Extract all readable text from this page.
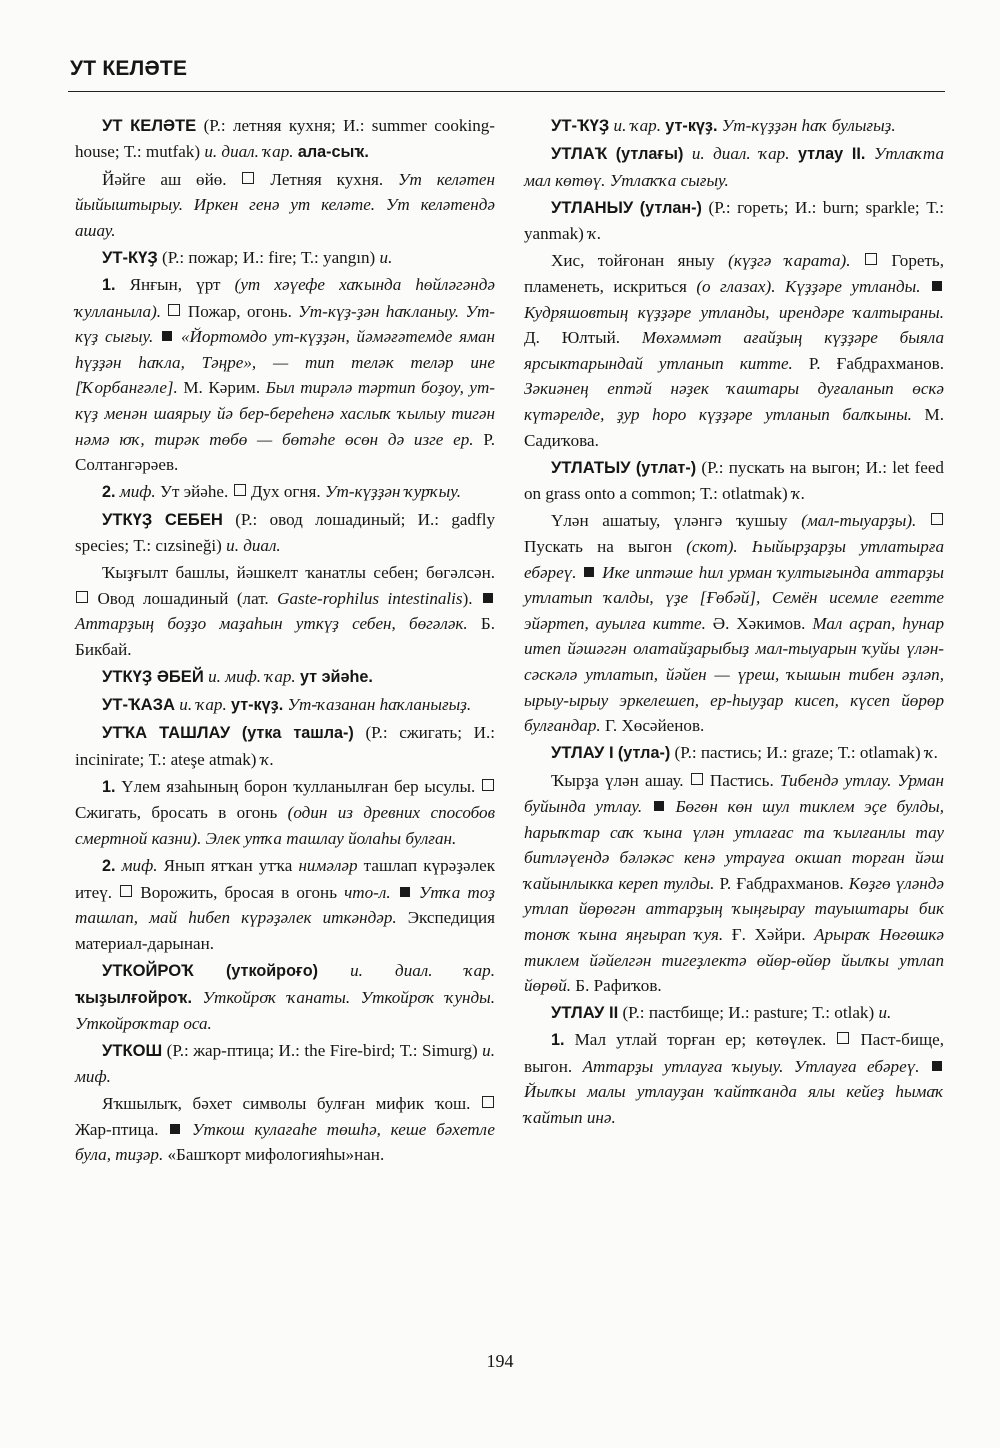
УТ КЕЛӘТЕ

УТ КЕЛӘТЕ (Р.: летняя кухня; И.: summer cooking-house; Т.: mutfak) и. диал. ҡар. ала-сыҡ.

Йәйге аш өйө.  Летняя кухня. Ут келәтен йыйыштырыу. Иркен генә ут келәте. Ут келәтендә ашау.

УТ-КҮҘ (Р.: пожар; И.: fire; Т.: yangın) и.

1. Янғын, үрт (ут хәүефе хаҡында һөйләгәндә ҡулланыла).  Пожар, огонь. Ут-күҙ-ҙән һаҡланыу. Ут-күҙ сығыу. «Йортомдо ут-күҙҙән, йәмәғәтемде яман һүҙҙән һаҡла, Тәңре», — тип теләк теләр ине [Ҡорбанғәле]. М. Кәрим. Был тирәлә тәртип боҙоу, ут-күҙ менән шаярыу йә бер-береһенә хаслыҡ ҡылыу тигән нәмә юҡ, тирәк төбө — бөтәһе өсөн дә изге ер. Р. Солтангәрәев.

2. миф. Ут эйәһе.  Дух огня. Ут-күҙҙән ҡурҡыу.

УТКҮҘ СЕБЕН (Р.: овод лошадиный; И.: gadfly species; Т.: cızsineği) и. диал.

Ҡыҙғылт башлы, йәшкелт ҡанатлы себен; бөгәлсән.  Овод лошадиный (лат. Gaste-rophilus intestinalis).  Аттарҙың боҙҙо маҙаһын уткүҙ себен, бөгәләк. Б. Бикбай.

УТКҮҘ ӘБЕЙ и. миф. ҡар. ут эйәһе.

УТ-ҠАЗА и. ҡар. ут-күҙ. Ут-ҡазанан һаҡланығыҙ.

УТҠА ТАШЛАУ (утка ташла-) (Р.: сжигать; И.: incinirate; Т.: ateşe atmak) ҡ.

1. Үлем язаһының борон ҡулланылған бер ысулы.  Сжигать, бросать в огонь (один из древних способов смертной казни). Элек утҡа ташлау йолаһы булған.

2. миф. Янып ятҡан утҡа нимәләр ташлап күрәҙәлек итеү.  Ворожить, бросая в огонь что-л. Утҡа тоҙ ташлап, май һибеп күрәҙәлек иткәндәр. Экспедиция материал-дарынан.

УТКОЙРОҠ (уткойроғо) и. диал. ҡар. ҡыҙылғойроҡ. Уткойроҡ ҡанаты. Уткойроҡ ҡунды. Уткойроҡтар оса.

УТКОШ (Р.: жар-птица; И.: the Fire-bird; Т.: Simurg) и. миф.

Яҡшылыҡ, бәхет символы булған мифик ҡош.  Жар-птица.  Уткош кулағаһе төшһә, кеше бәхетле була, тиҙәр. «Башҡорт мифологияһы»нан.

УТ-ҠҮҘ и. ҡар. ут-күҙ. Ут-күҙҙән һаҡ булығыҙ.

УТЛАҠ (утлағы) и. диал. ҡар. утлау II. Утлаҡта мал көтөү. Утлаҡҡа сығыу.

УТЛАНЫУ (утлан-) (Р.: гореть; И.: burn; sparkle; Т.: yanmak) ҡ.

Хис, тойғонан яныу (күҙгә ҡарата).  Гореть, пламенеть, искриться (о глазах). Күҙҙәре утланды.  Кудряшовтың күҙҙәре утланды, ирендәре ҡалтыраны. Д. Юлтый. Мөхәммәт ағайҙың күҙҙәре быяла ярсыктарындай утланып китте. Р. Ғабдрахманов. Зәкиәнең ептәй нәҙек ҡаштары дуғаланып өскә күтәрелде, ҙур һоро күҙҙәре утланып балҡыны. М. Садиҡова.

УТЛАТЫУ (утлат-) (Р.: пускать на выгон; И.: let feed on grass onto a common; Т.: otlatmak) ҡ.

Үлән ашатыу, үләнгә ҡушыу (мал-тыуарҙы).  Пускать на выгон (скот). Һыйырҙарҙы утлатырға ебәреү. Ике иптәше һил урман ҡултығында аттарҙы утлатып ҡалды, үҙе [Ғөбәй], Семён исемле егетте эйәртеп, ауылға китте. Ә. Хәкимов. Мал аҫрап, һунар итеп йәшәгән олатайҙарыбыҙ мал-тыуарын ҡуйы үлән-сәскәлә утлатып, йәйен — үреш, ҡышын тибен әҙләп, ырыу-ырыу эркелешеп, ер-һыуҙар кисеп, күсеп йөрөр булғандар. Г. Хөсәйенов.

УТЛАУ I (утла-) (Р.: пастись; И.: graze; Т.: otlamak) ҡ.

Ҡырҙа үлән ашау.  Пастись. Тибендә утлау. Урман буйында утлау. Бөгөн көн шул тиклем эҫе булды, һарыҡтар саҡ ҡына үлән утлағас та ҡылғанлы тау битләүендә бәләкәс кенә утрауға окшап торған йәш ҡайынлыкка кереп тулды. Р. Ғабдрахманов. Көҙгө үләндә утлап йөрөгән аттарҙың ҡыңғырау тауыштары бик тоноҡ ҡына яңғырап ҡуя. Ғ. Хәйри. Арыраҡ Нөгөшкә тиклем йәйелгән тигеҙлектә өйөр-өйөр йылҡы утлап йөрөй. Б. Рафиҡов.

УТЛАУ II (Р.: пастбище; И.: pasture; Т.: otlak) и.

1. Мал утлай торған ер; көтөүлек.  Паст-бище, выгон. Аттарҙы утлауға ҡыуыу. Утлауға ебәреү.  Йылҡы малы утлауҙан ҡайтҡанда ялы кейеҙ һымаҡ ҡайтып инә.

194
